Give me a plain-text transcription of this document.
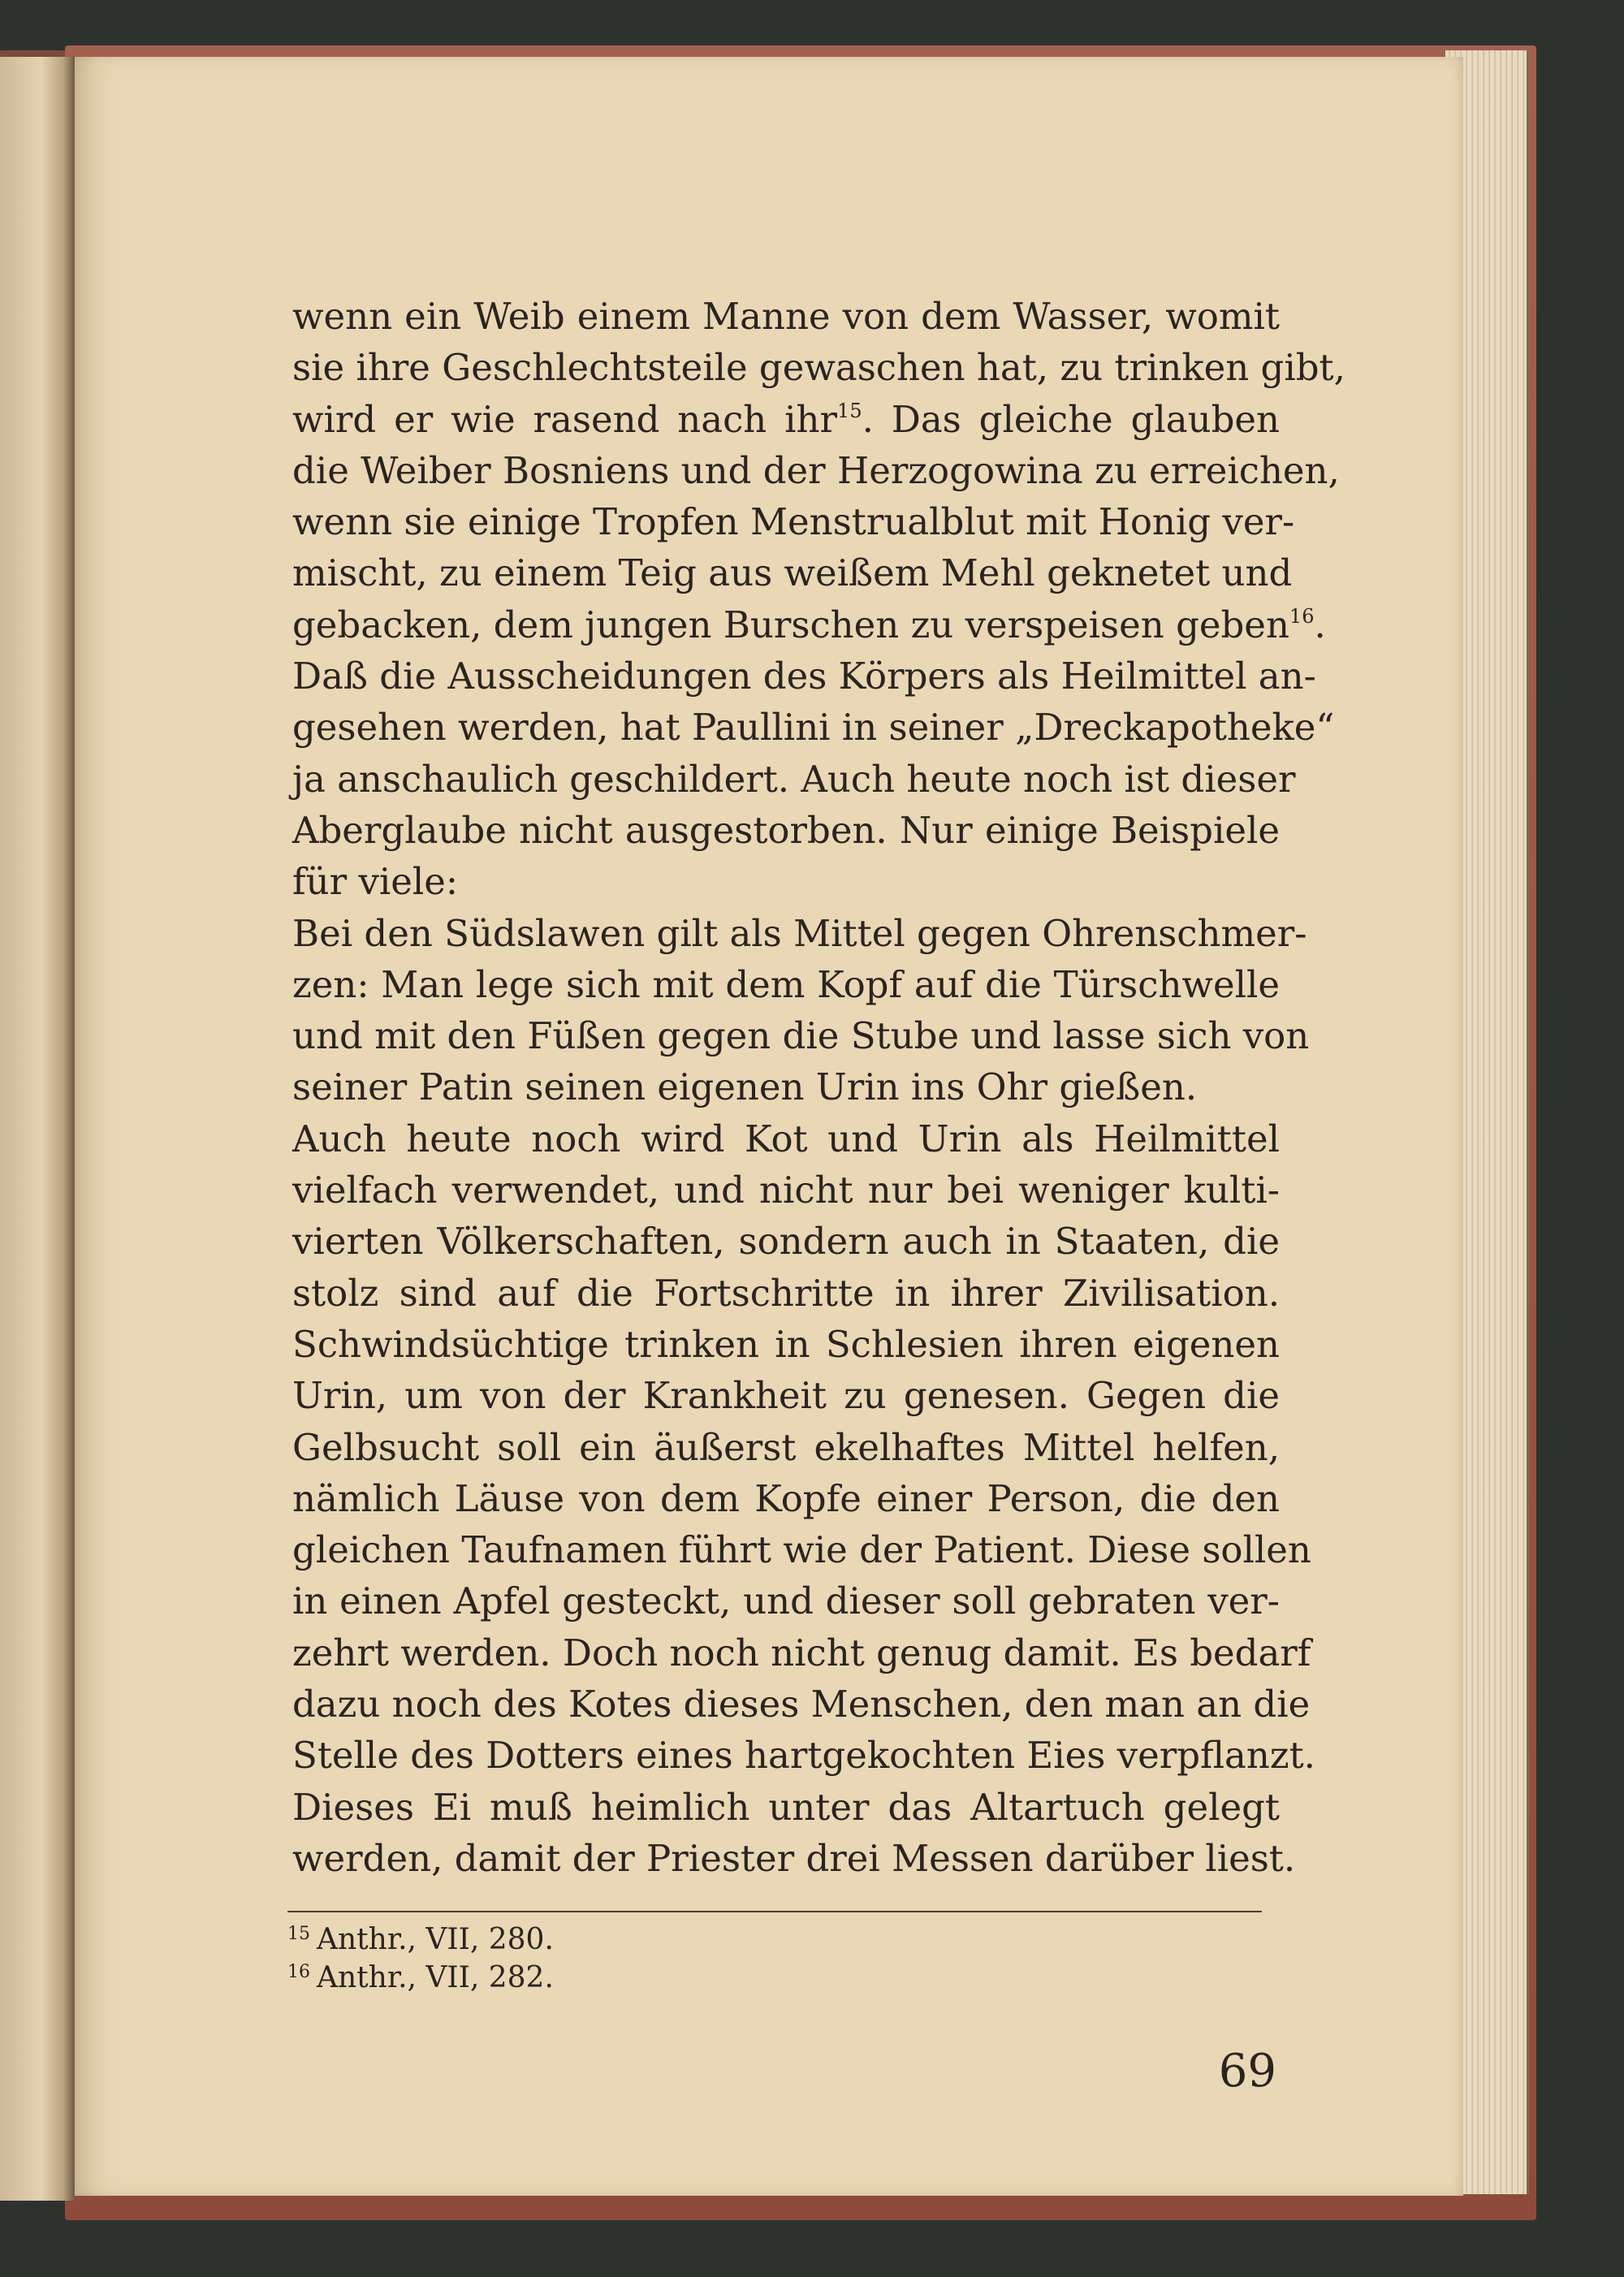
wenn ein Weib einem Manne von dem Wasser, womit
sie ihre Geschlechtsteile gewaschen hat, zu trinken gibt,
wird er wie rasend nach ihr$^{15}$. Das gleiche glauben
die Weiber Bosniens und der Herzogowina zu erreichen,
wenn sie einige Tropfen Menstrualblut mit Honig ver-
mischt, zu einem Teig aus weißem Mehl geknetet und
gebacken, dem jungen Burschen zu verspeisen geben$^{16}$.
Daß die Ausscheidungen des Körpers als Heilmittel an-
gesehen werden, hat Paullini in seiner „Dreckapotheke“
ja anschaulich geschildert. Auch heute noch ist dieser
Aberglaube nicht ausgestorben. Nur einige Beispiele
für viele:
Bei den Südslawen gilt als Mittel gegen Ohrenschmer-
zen: Man lege sich mit dem Kopf auf die Türschwelle
und mit den Füßen gegen die Stube und lasse sich von
seiner Patin seinen eigenen Urin ins Ohr gießen.
Auch heute noch wird Kot und Urin als Heilmittel
vielfach verwendet, und nicht nur bei weniger kulti-
vierten Völkerschaften, sondern auch in Staaten, die
stolz sind auf die Fortschritte in ihrer Zivilisation.
Schwindsüchtige trinken in Schlesien ihren eigenen
Urin, um von der Krankheit zu genesen. Gegen die
Gelbsucht soll ein äußerst ekelhaftes Mittel helfen,
nämlich Läuse von dem Kopfe einer Person, die den
gleichen Taufnamen führt wie der Patient. Diese sollen
in einen Apfel gesteckt, und dieser soll gebraten ver-
zehrt werden. Doch noch nicht genug damit. Es bedarf
dazu noch des Kotes dieses Menschen, den man an die
Stelle des Dotters eines hartgekochten Eies verpflanzt.
Dieses Ei muß heimlich unter das Altartuch gelegt
werden, damit der Priester drei Messen darüber liest.
$^{15}$ Anthr., VII, 280.
$^{16}$ Anthr., VII, 282.
69
